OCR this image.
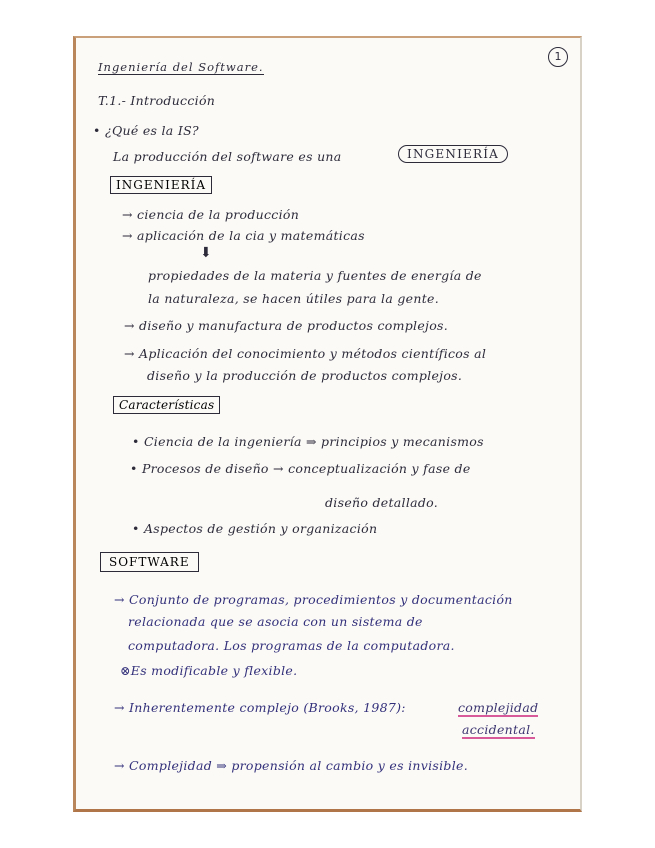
1
Ingeniería del Software.
T.1.- Introducción
• ¿Qué es la IS?
La producción del software es una	INGENIERÍA
INGENIERÍA
→ ciencia de la producción
→ aplicación de la cia y matemáticas
⬇
propiedades de la materia y fuentes de energía de
la naturaleza, se hacen útiles para la gente.
→ diseño y manufactura de productos complejos.
→ Aplicación del conocimiento y métodos científicos al
diseño y la producción de productos complejos.
Características
• Ciencia de la ingeniería ⇒ principios y mecanismos
• Procesos de diseño → conceptualización y fase de
diseño detallado.
• Aspectos de gestión y organización
SOFTWARE
→ Conjunto de programas, procedimientos y documentación
relacionada que se asocia con un sistema de
computadora. Los programas de la computadora.
⊗Es modificable y flexible.
→ Inherentemente complejo (Brooks, 1987):	complejidad
accidental.
→ Complejidad ⇒ propensión al cambio y es invisible.
